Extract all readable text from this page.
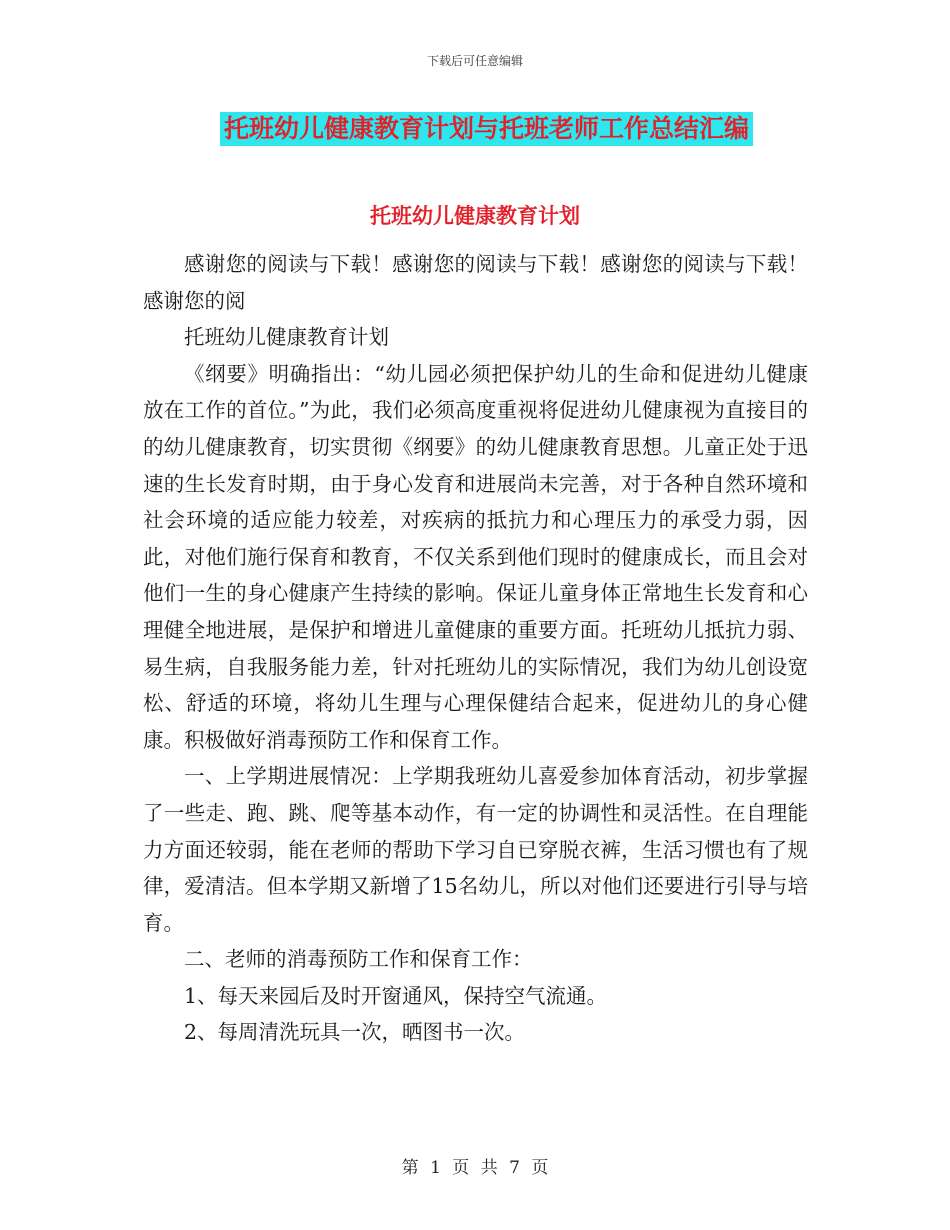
下载后可任意编辑
托班幼儿健康教育计划与托班老师工作总结汇编
托班幼儿健康教育计划

感谢您的阅读与下载！感谢您的阅读与下载！感谢您的阅读与下载！感谢您的阅

托班幼儿健康教育计划

《纲要》明确指出：“幼儿园必须把保护幼儿的生命和促进幼儿健康放在工作的首位。”为此，我们必须高度重视将促进幼儿健康视为直接目的的幼儿健康教育，切实贯彻《纲要》的幼儿健康教育思想。儿童正处于迅速的生长发育时期，由于身心发育和进展尚未完善，对于各种自然环境和社会环境的适应能力较差，对疾病的抵抗力和心理压力的承受力弱，因此，对他们施行保育和教育，不仅关系到他们现时的健康成长，而且会对他们一生的身心健康产生持续的影响。保证儿童身体正常地生长发育和心理健全地进展，是保护和增进儿童健康的重要方面。托班幼儿抵抗力弱、易生病，自我服务能力差，针对托班幼儿的实际情况，我们为幼儿创设宽松、舒适的环境，将幼儿生理与心理保健结合起来，促进幼儿的身心健康。积极做好消毒预防工作和保育工作。

一、上学期进展情况：上学期我班幼儿喜爱参加体育活动，初步掌握了一些走、跑、跳、爬等基本动作，有一定的协调性和灵活性。在自理能力方面还较弱，能在老师的帮助下学习自已穿脱衣裤，生活习惯也有了规律，爱清洁。但本学期又新增了15名幼儿，所以对他们还要进行引导与培育。

二、老师的消毒预防工作和保育工作：

1、每天来园后及时开窗通风，保持空气流通。

2、每周清洗玩具一次，晒图书一次。

第 1 页 共 7 页
